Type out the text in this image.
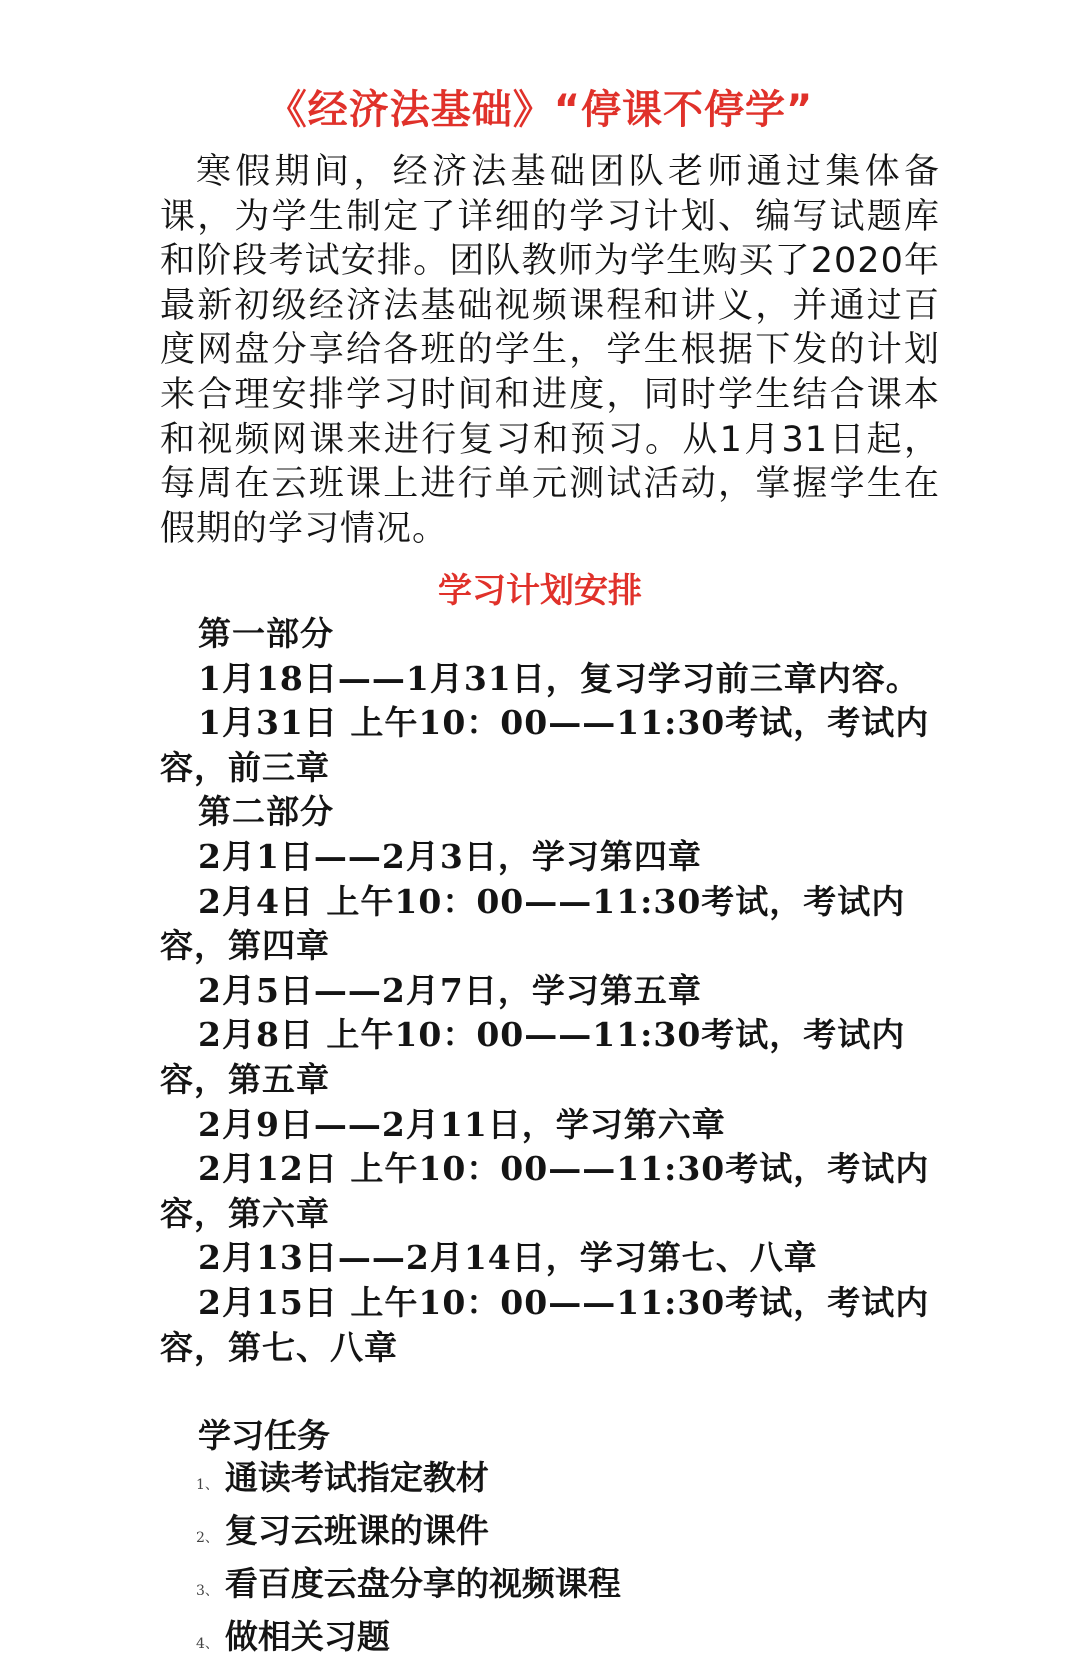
《经济法基础》“停课不停学”

寒假期间，经济法基础团队老师通过集体备课，为学生制定了详细的学习计划、编写试题库和阶段考试安排。团队教师为学生购买了2020年最新初级经济法基础视频课程和讲义，并通过百度网盘分享给各班的学生，学生根据下发的计划来合理安排学习时间和进度，同时学生结合课本和视频网课来进行复习和预习。从1月31日起，每周在云班课上进行单元测试活动，掌握学生在假期的学习情况。

学习计划安排
第一部分
1月18日——1月31日，复习学习前三章内容。
1月31日 上午10：00——11:30考试，考试内容，前三章
第二部分
2月1日——2月3日，学习第四章
2月4日 上午10：00——11:30考试，考试内容，第四章
2月5日——2月7日，学习第五章
2月8日 上午10：00——11:30考试，考试内容，第五章
2月9日——2月11日，学习第六章
2月12日 上午10：00——11:30考试，考试内容，第六章
2月13日——2月14日，学习第七、八章
2月15日 上午10：00——11:30考试，考试内容，第七、八章
学习任务
1、 通读考试指定教材
2、 复习云班课的课件
3、 看百度云盘分享的视频课程
4、 做相关习题
